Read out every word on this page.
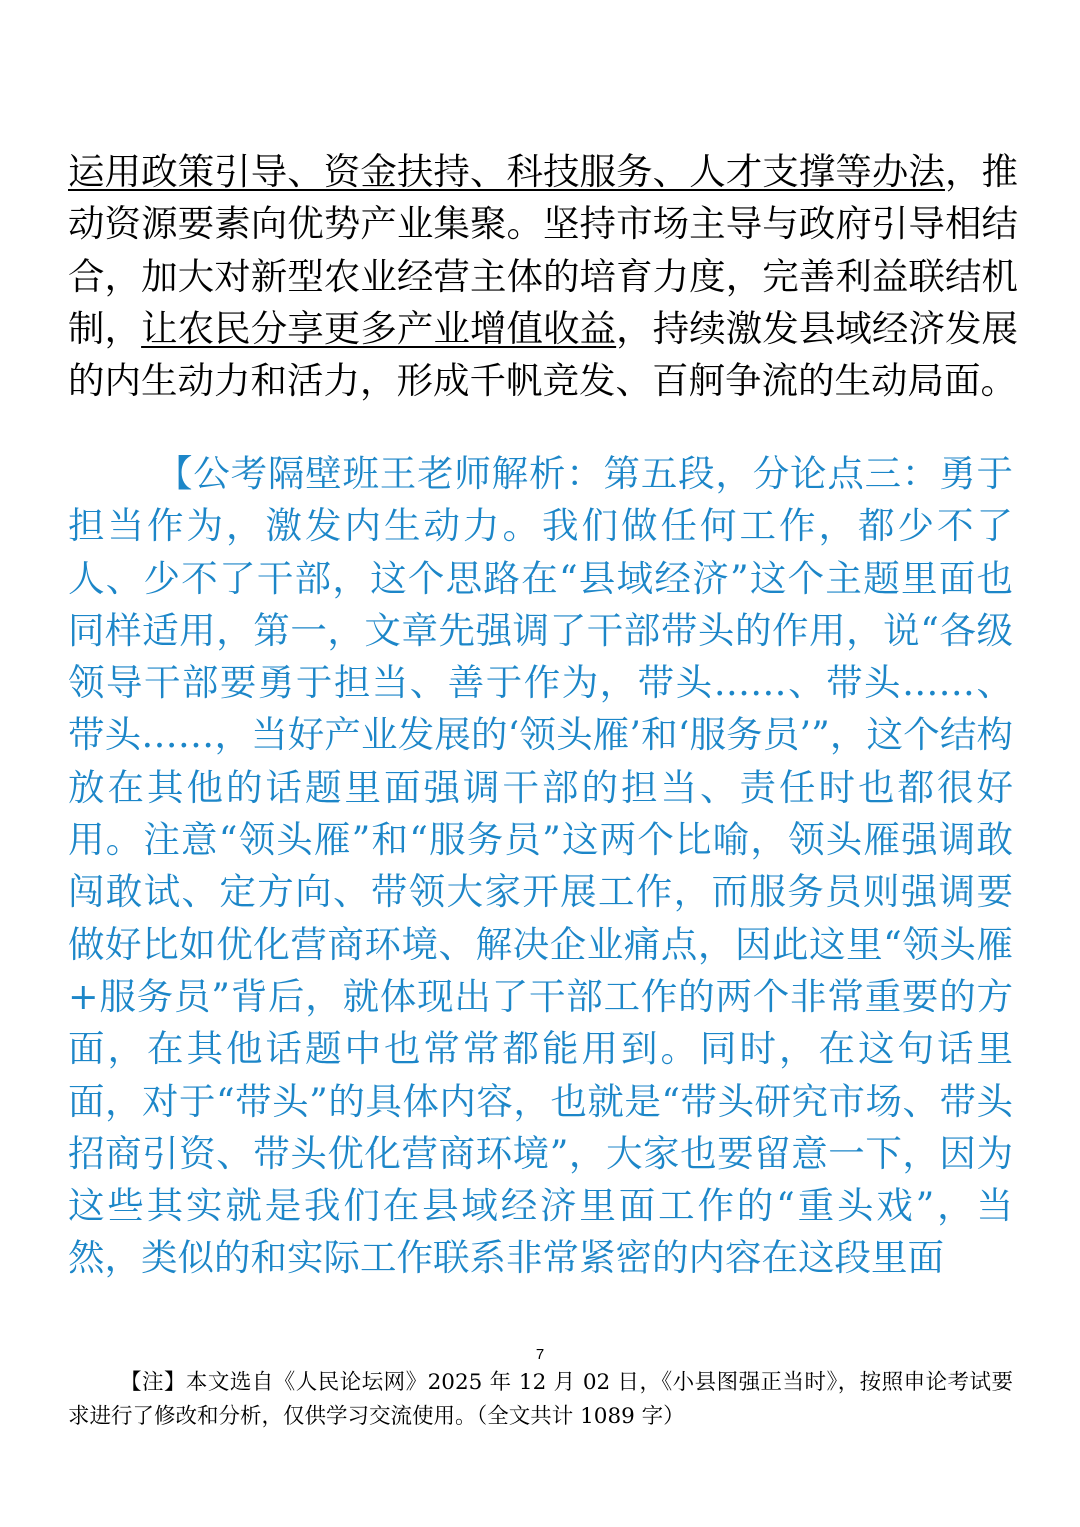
运用政策引导、资金扶持、科技服务、人才支撑等办法，推动资源要素向优势产业集聚。坚持市场主导与政府引导相结合，加大对新型农业经营主体的培育力度，完善利益联结机制，让农民分享更多产业增值收益，持续激发县域经济发展的内生动力和活力，形成千帆竞发、百舸争流的生动局面。

【公考隔壁班王老师解析：第五段，分论点三：勇于担当作为，激发内生动力。我们做任何工作，都少不了人、少不了干部，这个思路在“县域经济”这个主题里面也同样适用，第一，文章先强调了干部带头的作用，说“各级领导干部要勇于担当、善于作为，带头……、带头……、带头……，当好产业发展的‘领头雁’和‘服务员’”，这个结构放在其他的话题里面强调干部的担当、责任时也都很好用。注意“领头雁”和“服务员”这两个比喻，领头雁强调敢闯敢试、定方向、带领大家开展工作，而服务员则强调要做好比如优化营商环境、解决企业痛点，因此这里“领头雁+服务员”背后，就体现出了干部工作的两个非常重要的方面，在其他话题中也常常都能用到。同时，在这句话里面，对于“带头”的具体内容，也就是“带头研究市场、带头招商引资、带头优化营商环境”，大家也要留意一下，因为这些其实就是我们在县域经济里面工作的“重头戏”，当然，类似的和实际工作联系非常紧密的内容在这段里面

7

【注】本文选自《人民论坛网》2025 年 12 月 02 日，《小县图强正当时》，按照申论考试要求进行了修改和分析，仅供学习交流使用。（全文共计 1089 字）
